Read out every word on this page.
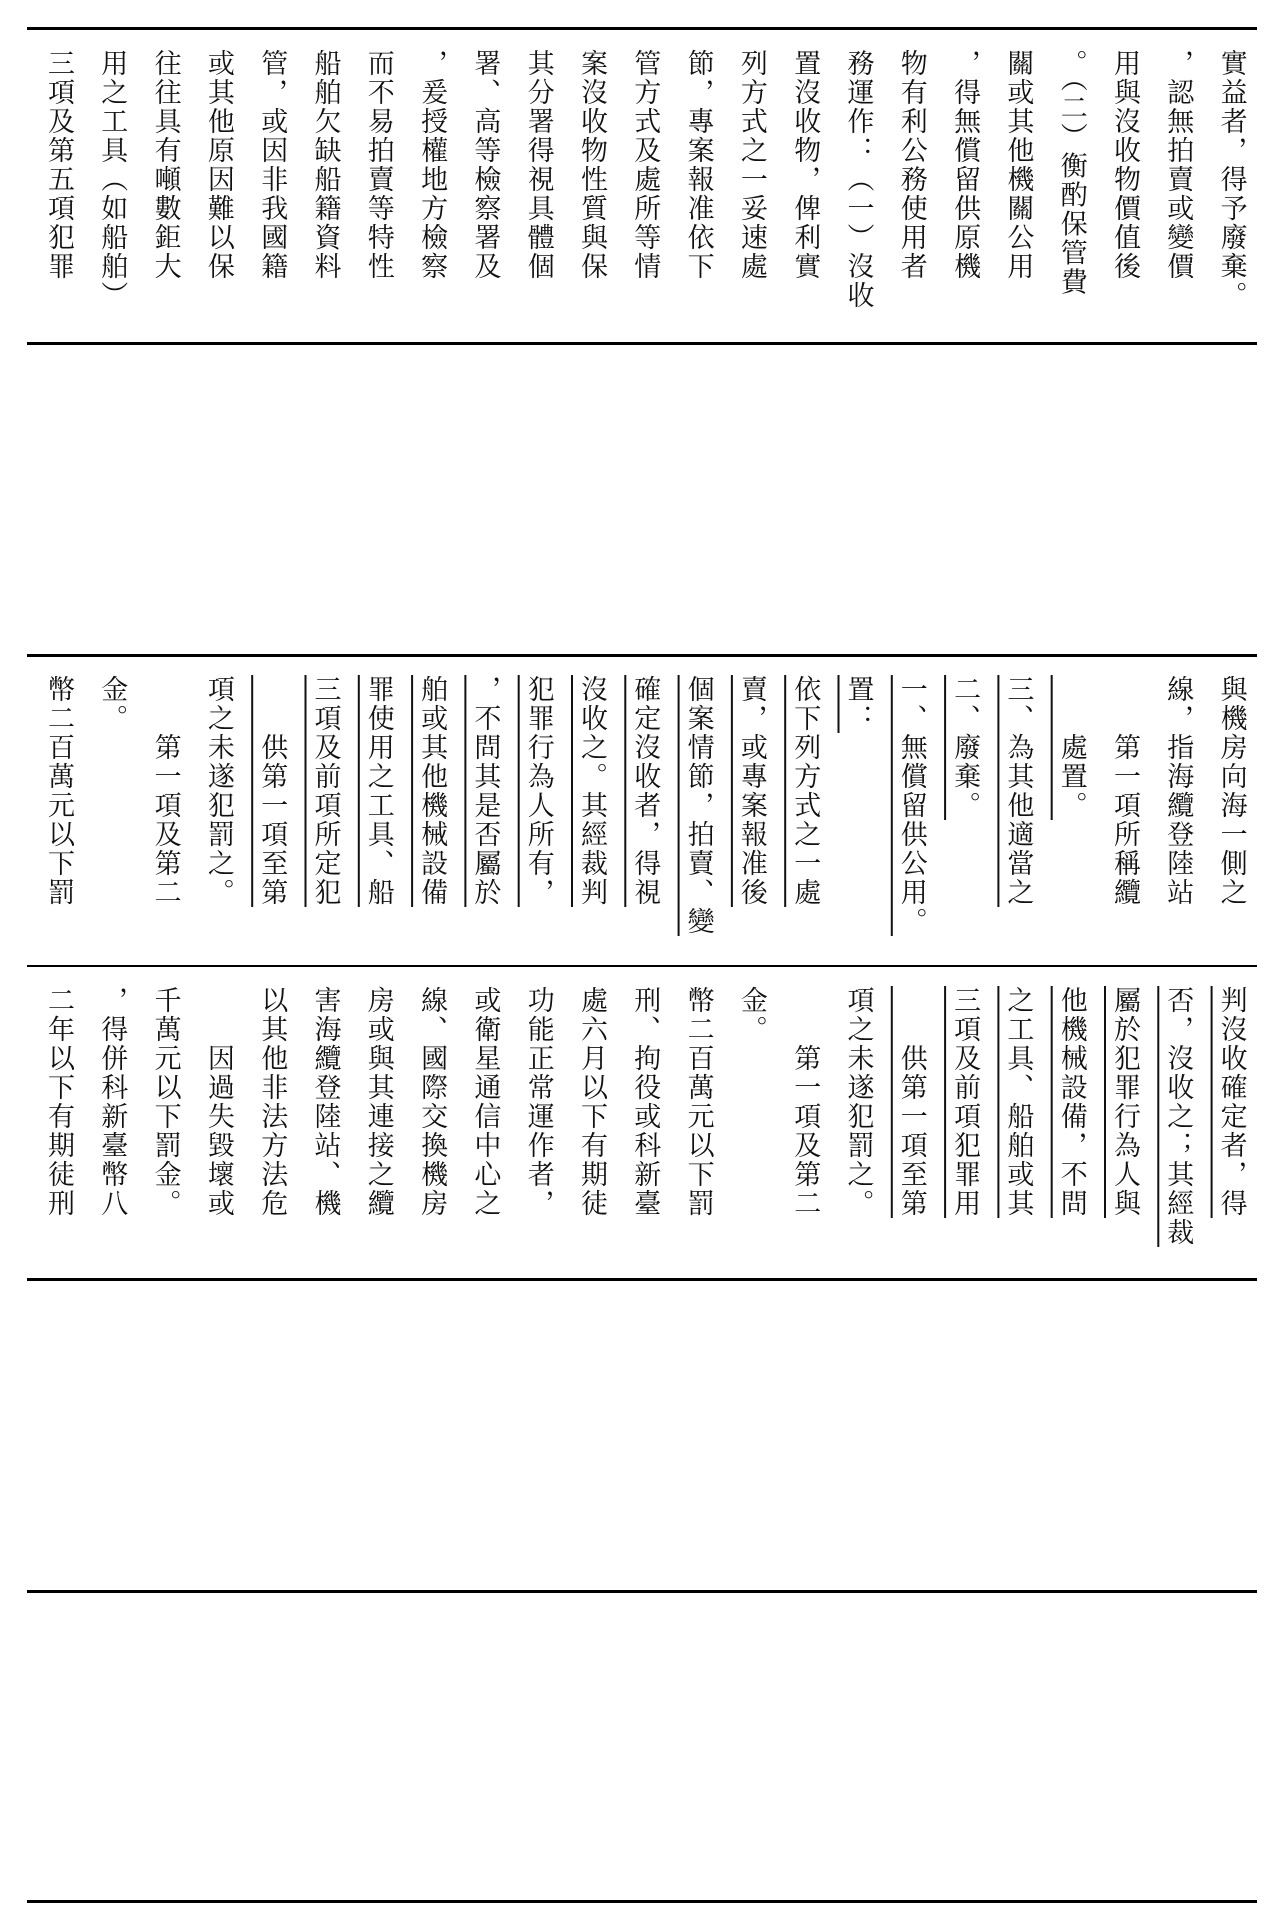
三項及第五項犯罪 用之工具（如船舶） 往往具有噸數鉅大 或其他原因難以保 管，或因非我國籍 船舶欠缺船籍資料 而不易拍賣等特性 ，爰授權地方檢察 署、高等檢察署及 其分署得視具體個 案沒收物性質與保 管方式及處所等情 節，專案報准依下 列方式之一妥速處 置沒收物，俾利實 務運作：（一）沒收 物有利公務使用者 ，得無償留供原機 關或其他機關公用 。（二）衡酌保管費 用與沒收物價值後 ，認無拍賣或變價 實益者，得予廢棄。
幣二百萬元以下罰 金。 　　第一項及第二 項之未遂犯罰之。 　　供第一項至第 三項及前項所定犯 罪使用之工具、船 舶或其他機械設備 ，不問其是否屬於 犯罪行為人所有， 沒收之。其經裁判 確定沒收者，得視 個案情節，拍賣、變 賣，或專案報准後 依下列方式之一處 置： 一、無償留供公用。 二、廢棄。 三、為其他適當之 　　處置。 　　第一項所稱纜 線，指海纜登陸站 與機房向海一側之
二年以下有期徒刑 ，得併科新臺幣八 千萬元以下罰金。 　　因過失毀壞或 以其他非法方法危 害海纜登陸站、機 房或與其連接之纜 線、國際交換機房 或衛星通信中心之 功能正常運作者， 處六月以下有期徒 刑、拘役或科新臺 幣二百萬元以下罰 金。 　　第一項及第二 項之未遂犯罰之。 　　供第一項至第 三項及前項犯罪用 之工具、船舶或其 他機械設備，不問 屬於犯罪行為人與 否，沒收之；其經裁 判沒收確定者，得
